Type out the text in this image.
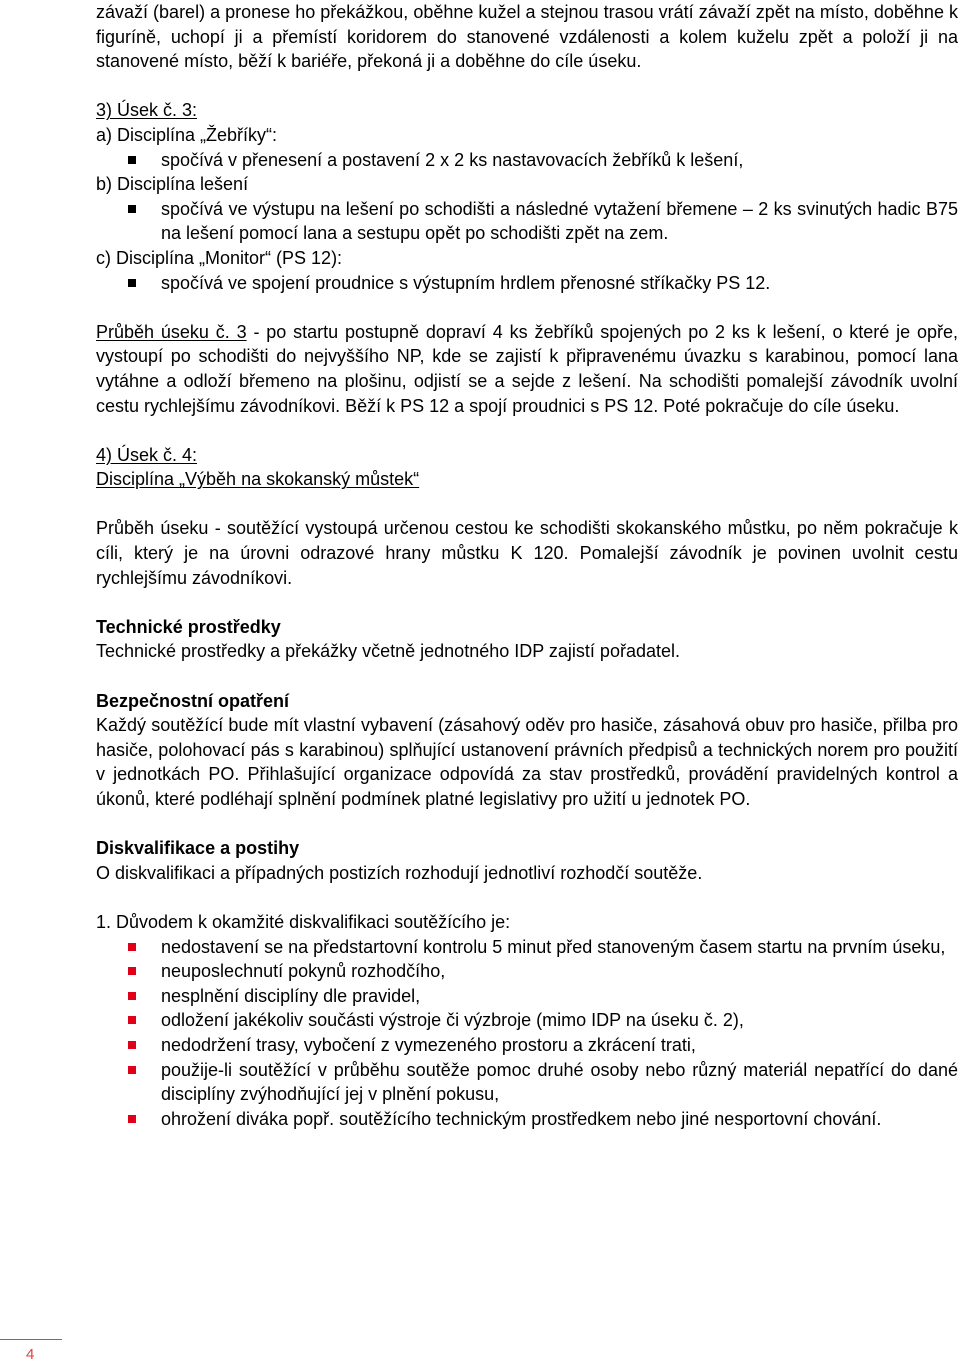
závaží (barel) a pronese ho překážkou, oběhne kužel a stejnou trasou vrátí závaží zpět na místo, doběhne k figuríně, uchopí ji a přemístí koridorem do stanovené vzdálenosti a kolem kuželu zpět a položí ji na stanovené místo, běží k bariéře, překoná ji a doběhne do cíle úseku.

3) Úsek č. 3:

a) Disciplína „Žebříky“:

spočívá v přenesení a postavení 2 x 2 ks nastavovacích žebříků k lešení,

b) Disciplína lešení

spočívá ve výstupu na lešení po schodišti a následné vytažení břemene – 2 ks svinutých hadic B75 na lešení pomocí lana a sestupu opět po schodišti zpět na zem.

c) Disciplína „Monitor“ (PS 12):

spočívá ve spojení proudnice s výstupním hrdlem přenosné stříkačky PS 12.

Průběh úseku č. 3 - po startu postupně dopraví 4 ks žebříků spojených po 2 ks k lešení, o které je opře, vystoupí po schodišti do nejvyššího NP, kde se zajistí k připravenému úvazku s karabinou, pomocí lana vytáhne a odloží břemeno na plošinu, odjistí se a sejde z lešení. Na schodišti pomalejší závodník uvolní cestu rychlejšímu závodníkovi. Běží k PS 12 a spojí proudnici s PS 12. Poté pokračuje do cíle úseku.

4) Úsek č. 4:

Disciplína „Výběh na skokanský můstek“

Průběh úseku - soutěžící vystoupá určenou cestou ke schodišti skokanského můstku, po něm pokračuje k cíli, který je na úrovni odrazové hrany můstku K 120. Pomalejší závodník je povinen uvolnit cestu rychlejšímu závodníkovi.

Technické prostředky

Technické prostředky a překážky včetně jednotného IDP zajistí pořadatel.

Bezpečnostní opatření

Každý soutěžící bude mít vlastní vybavení (zásahový oděv pro hasiče, zásahová obuv pro hasiče, přilba pro hasiče, polohovací pás s karabinou) splňující ustanovení právních předpisů a technických norem pro použití v jednotkách PO. Přihlašující organizace odpovídá za stav prostředků, provádění pravidelných kontrol a úkonů, které podléhají splnění podmínek platné legislativy pro užití u jednotek PO.

Diskvalifikace a postihy

O diskvalifikaci a případných postizích rozhodují jednotliví rozhodčí soutěže.

1. Důvodem k okamžité diskvalifikaci soutěžícího je:

nedostavení se na předstartovní kontrolu 5 minut před stanoveným časem startu na prvním úseku,
neuposlechnutí pokynů rozhodčího,
nesplnění disciplíny dle pravidel,
odložení jakékoliv součásti výstroje či výzbroje (mimo IDP na úseku č. 2),
nedodržení trasy, vybočení z vymezeného prostoru a zkrácení trati,
použije-li soutěžící v průběhu soutěže pomoc druhé osoby nebo různý materiál nepatřící do dané disciplíny zvýhodňující jej v plnění pokusu,
ohrožení diváka popř. soutěžícího technickým prostředkem nebo jiné nesportovní chování.
4
